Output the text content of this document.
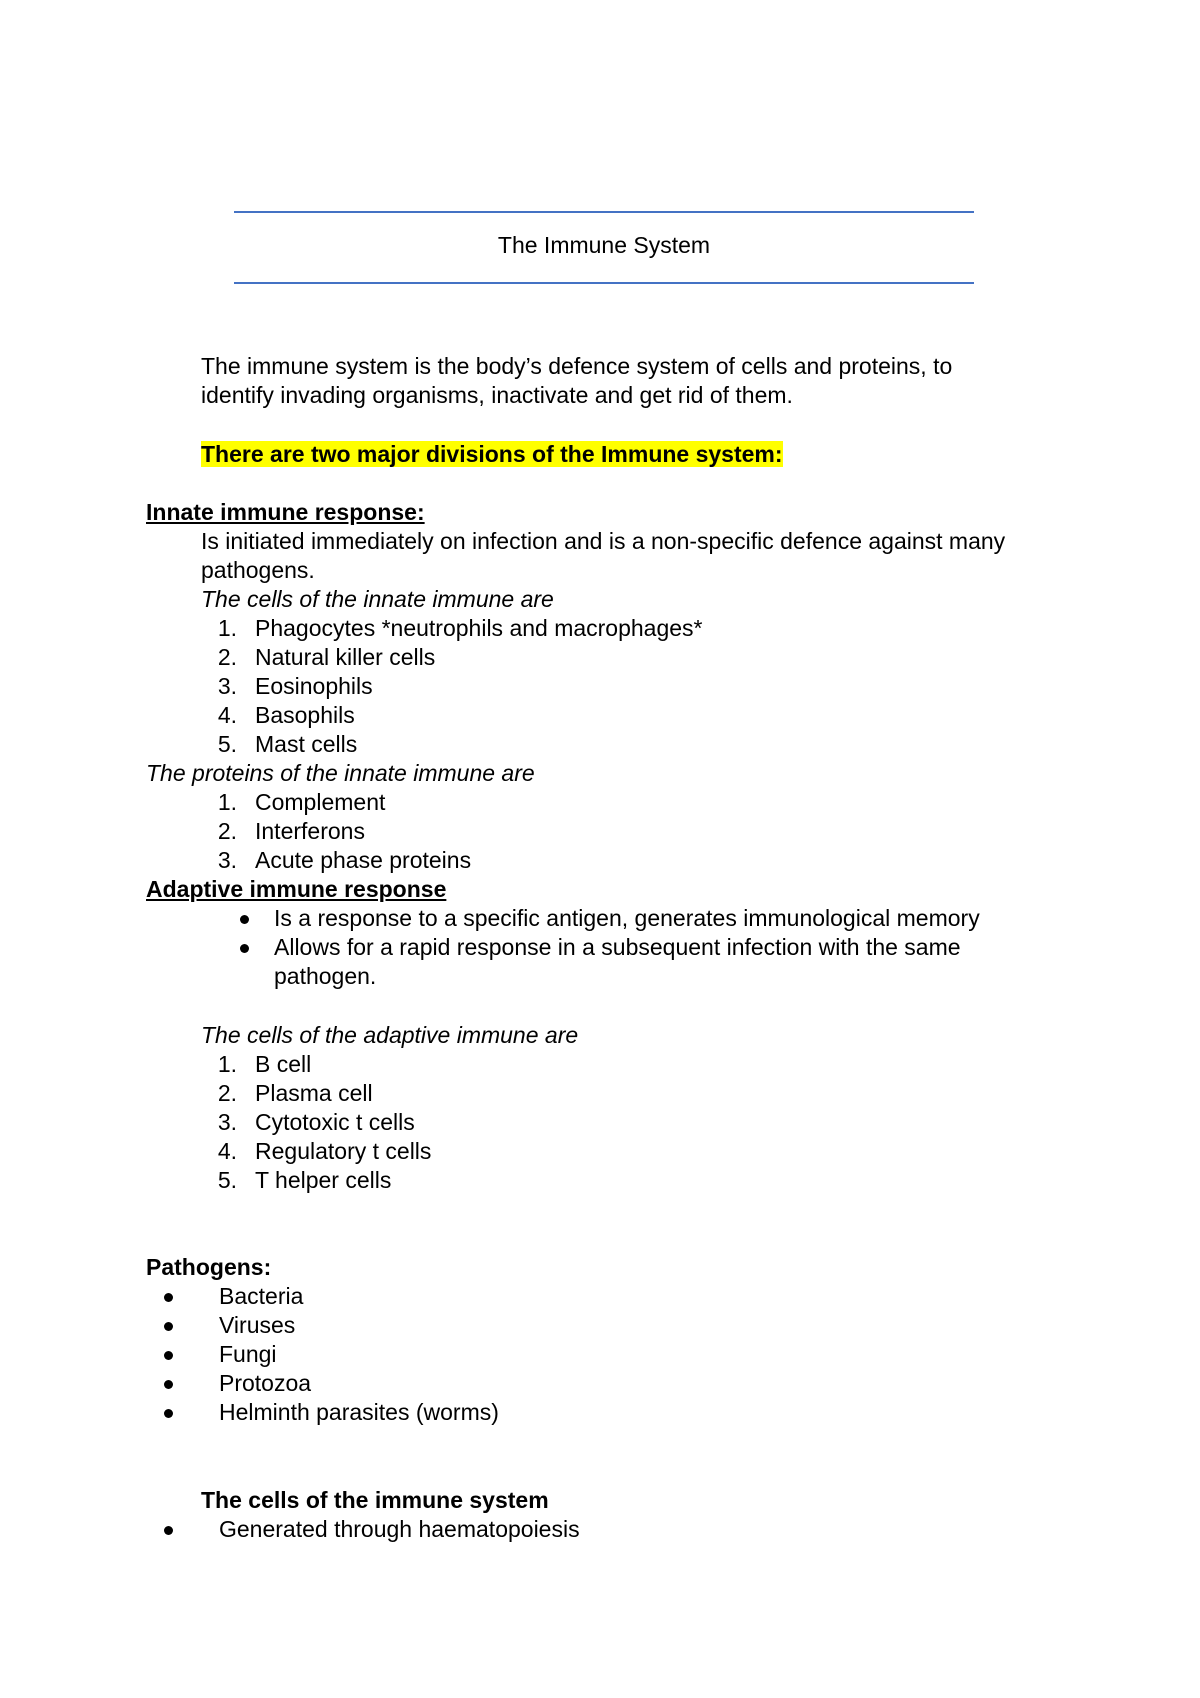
The Immune System
The immune system is the body’s defence system of cells and proteins, to
identify invading organisms, inactivate and get rid of them.
There are two major divisions of the Immune system:
Innate immune response:
Is initiated immediately on infection and is a non-specific defence against many
pathogens.
The cells of the innate immune are
1. Phagocytes *neutrophils and macrophages*
2. Natural killer cells
3. Eosinophils
4. Basophils
5. Mast cells
The proteins of the innate immune are
1. Complement
2. Interferons
3. Acute phase proteins
Adaptive immune response
Is a response to a specific antigen, generates immunological memory
Allows for a rapid response in a subsequent infection with the same
pathogen.
The cells of the adaptive immune are
1. B cell
2. Plasma cell
3. Cytotoxic t cells
4. Regulatory t cells
5. T helper cells
Pathogens:
Bacteria
Viruses
Fungi
Protozoa
Helminth parasites (worms)
The cells of the immune system
Generated through haematopoiesis
